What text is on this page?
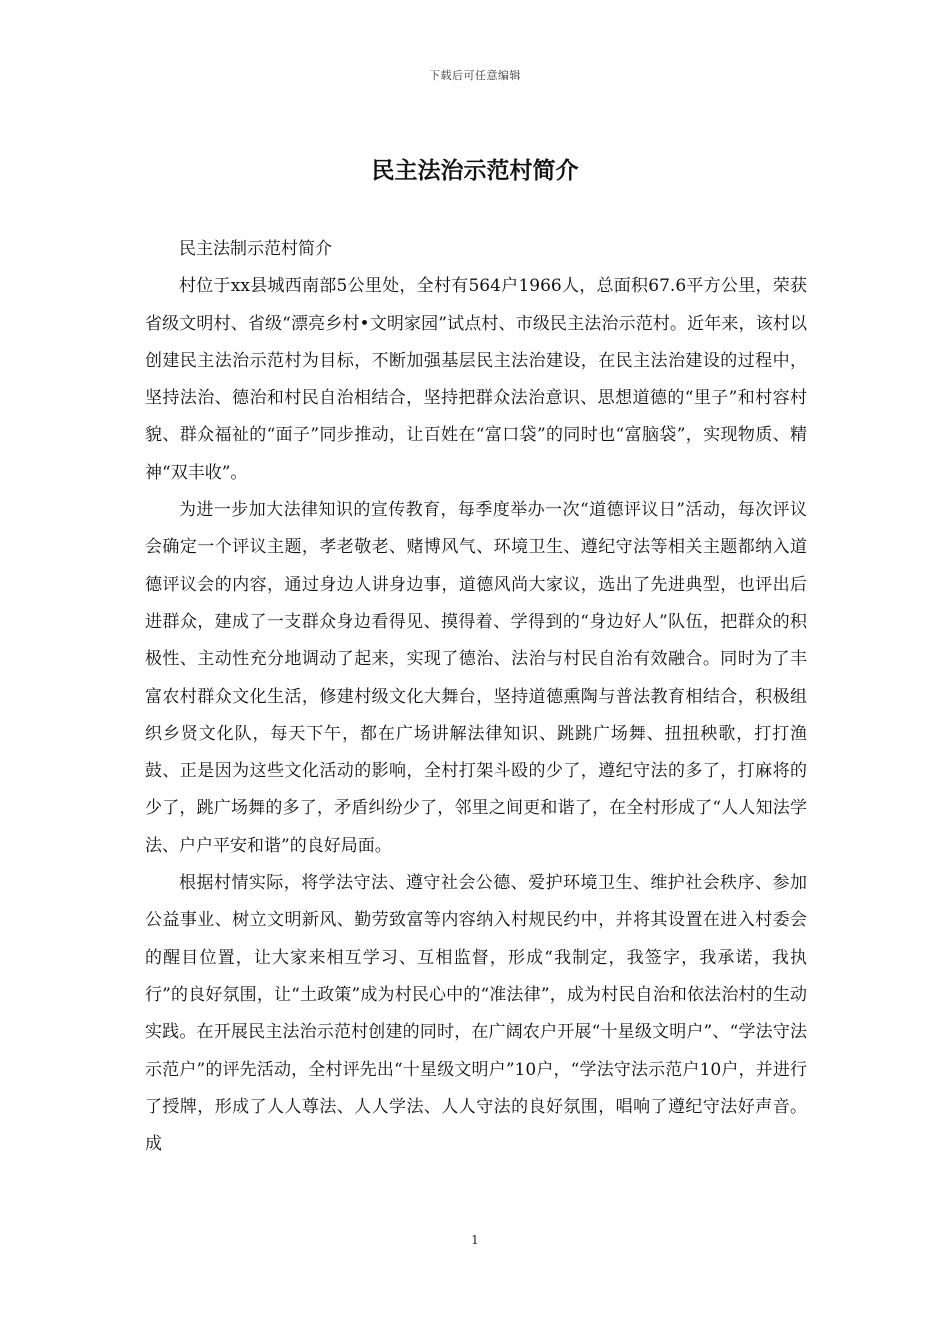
下载后可任意编辑
民主法治示范村简介

民主法制示范村简介

村位于xx县城西南部5公里处，全村有564户1966人，总面积67.6平方公里，荣获省级文明村、省级“漂亮乡村•文明家园”试点村、市级民主法治示范村。近年来，该村以创建民主法治示范村为目标，不断加强基层民主法治建设，在民主法治建设的过程中，坚持法治、德治和村民自治相结合，坚持把群众法治意识、思想道德的“里子”和村容村貌、群众福祉的“面子”同步推动，让百姓在“富口袋”的同时也“富脑袋”，实现物质、精神“双丰收”。

为进一步加大法律知识的宣传教育，每季度举办一次“道德评议日”活动，每次评议会确定一个评议主题，孝老敬老、赌博风气、环境卫生、遵纪守法等相关主题都纳入道德评议会的内容，通过身边人讲身边事，道德风尚大家议，选出了先进典型，也评出后进群众，建成了一支群众身边看得见、摸得着、学得到的“身边好人”队伍，把群众的积极性、主动性充分地调动了起来，实现了德治、法治与村民自治有效融合。同时为了丰富农村群众文化生活，修建村级文化大舞台，坚持道德熏陶与普法教育相结合，积极组织乡贤文化队，每天下午，都在广场讲解法律知识、跳跳广场舞、扭扭秧歌，打打渔鼓、正是因为这些文化活动的影响，全村打架斗殴的少了，遵纪守法的多了，打麻将的少了，跳广场舞的多了，矛盾纠纷少了，邻里之间更和谐了，在全村形成了“人人知法学法、户户平安和谐”的良好局面。

根据村情实际，将学法守法、遵守社会公德、爱护环境卫生、维护社会秩序、参加公益事业、树立文明新风、勤劳致富等内容纳入村规民约中，并将其设置在进入村委会的醒目位置，让大家来相互学习、互相监督，形成“我制定，我签字，我承诺，我执行”的良好氛围，让“土政策”成为村民心中的“准法律”，成为村民自治和依法治村的生动实践。在开展民主法治示范村创建的同时，在广阔农户开展“十星级文明户”、“学法守法示范户”的评先活动，全村评先出“十星级文明户”10户，“学法守法示范户10户，并进行了授牌，形成了人人尊法、人人学法、人人守法的良好氛围，唱响了遵纪守法好声音。成

1
